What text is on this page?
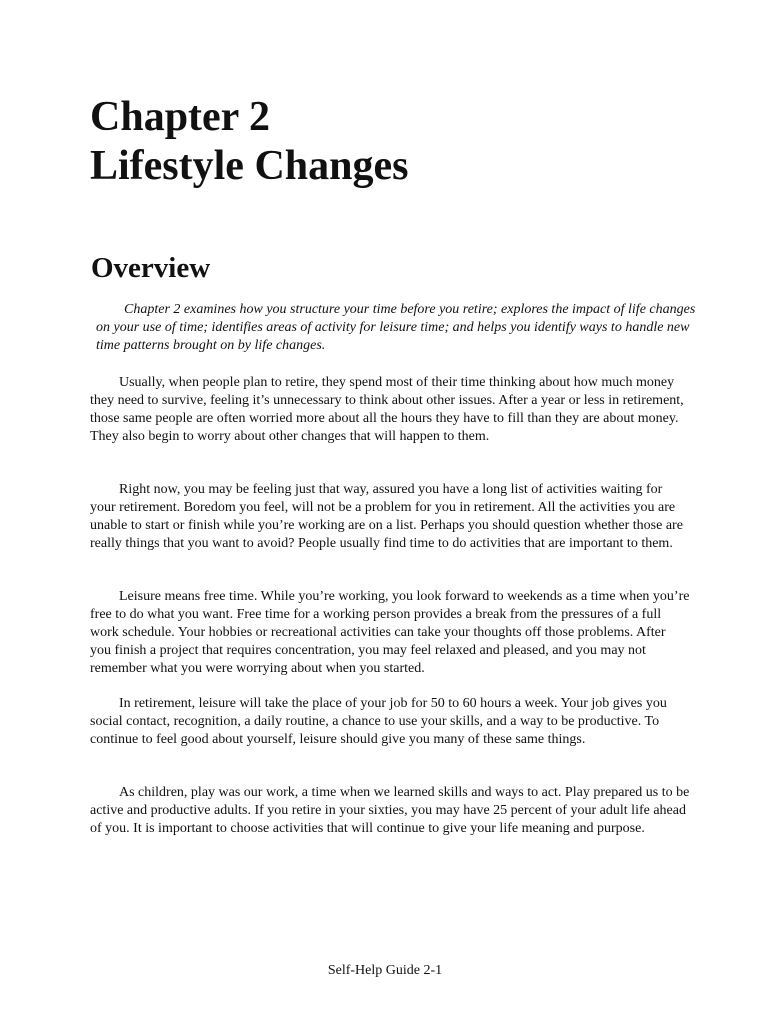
Chapter 2
Lifestyle Changes
Overview

Chapter 2 examines how you structure your time before you retire; explores the impact of life changes on your use of time; identifies areas of activity for leisure time; and helps you identify ways to handle new time patterns brought on by life changes.

Usually, when people plan to retire, they spend most of their time thinking about how much money they need to survive, feeling it’s unnecessary to think about other issues. After a year or less in retirement, those same people are often worried more about all the hours they have to fill than they are about money. They also begin to worry about other changes that will happen to them.

Right now, you may be feeling just that way, assured you have a long list of activities waiting for your retirement. Boredom you feel, will not be a problem for you in retirement. All the activities you are unable to start or finish while you’re working are on a list. Perhaps you should question whether those are really things that you want to avoid? People usually find time to do activities that are important to them.

Leisure means free time. While you’re working, you look forward to weekends as a time when you’re free to do what you want. Free time for a working person provides a break from the pressures of a full work schedule. Your hobbies or recreational activities can take your thoughts off those problems. After you finish a project that requires concentration, you may feel relaxed and pleased, and you may not remember what you were worrying about when you started.

In retirement, leisure will take the place of your job for 50 to 60 hours a week. Your job gives you social contact, recognition, a daily routine, a chance to use your skills, and a way to be productive. To continue to feel good about yourself, leisure should give you many of these same things.

As children, play was our work, a time when we learned skills and ways to act. Play prepared us to be active and productive adults. If you retire in your sixties, you may have 25 percent of your adult life ahead of you. It is important to choose activities that will continue to give your life meaning and purpose.

Self-Help Guide 2-1
